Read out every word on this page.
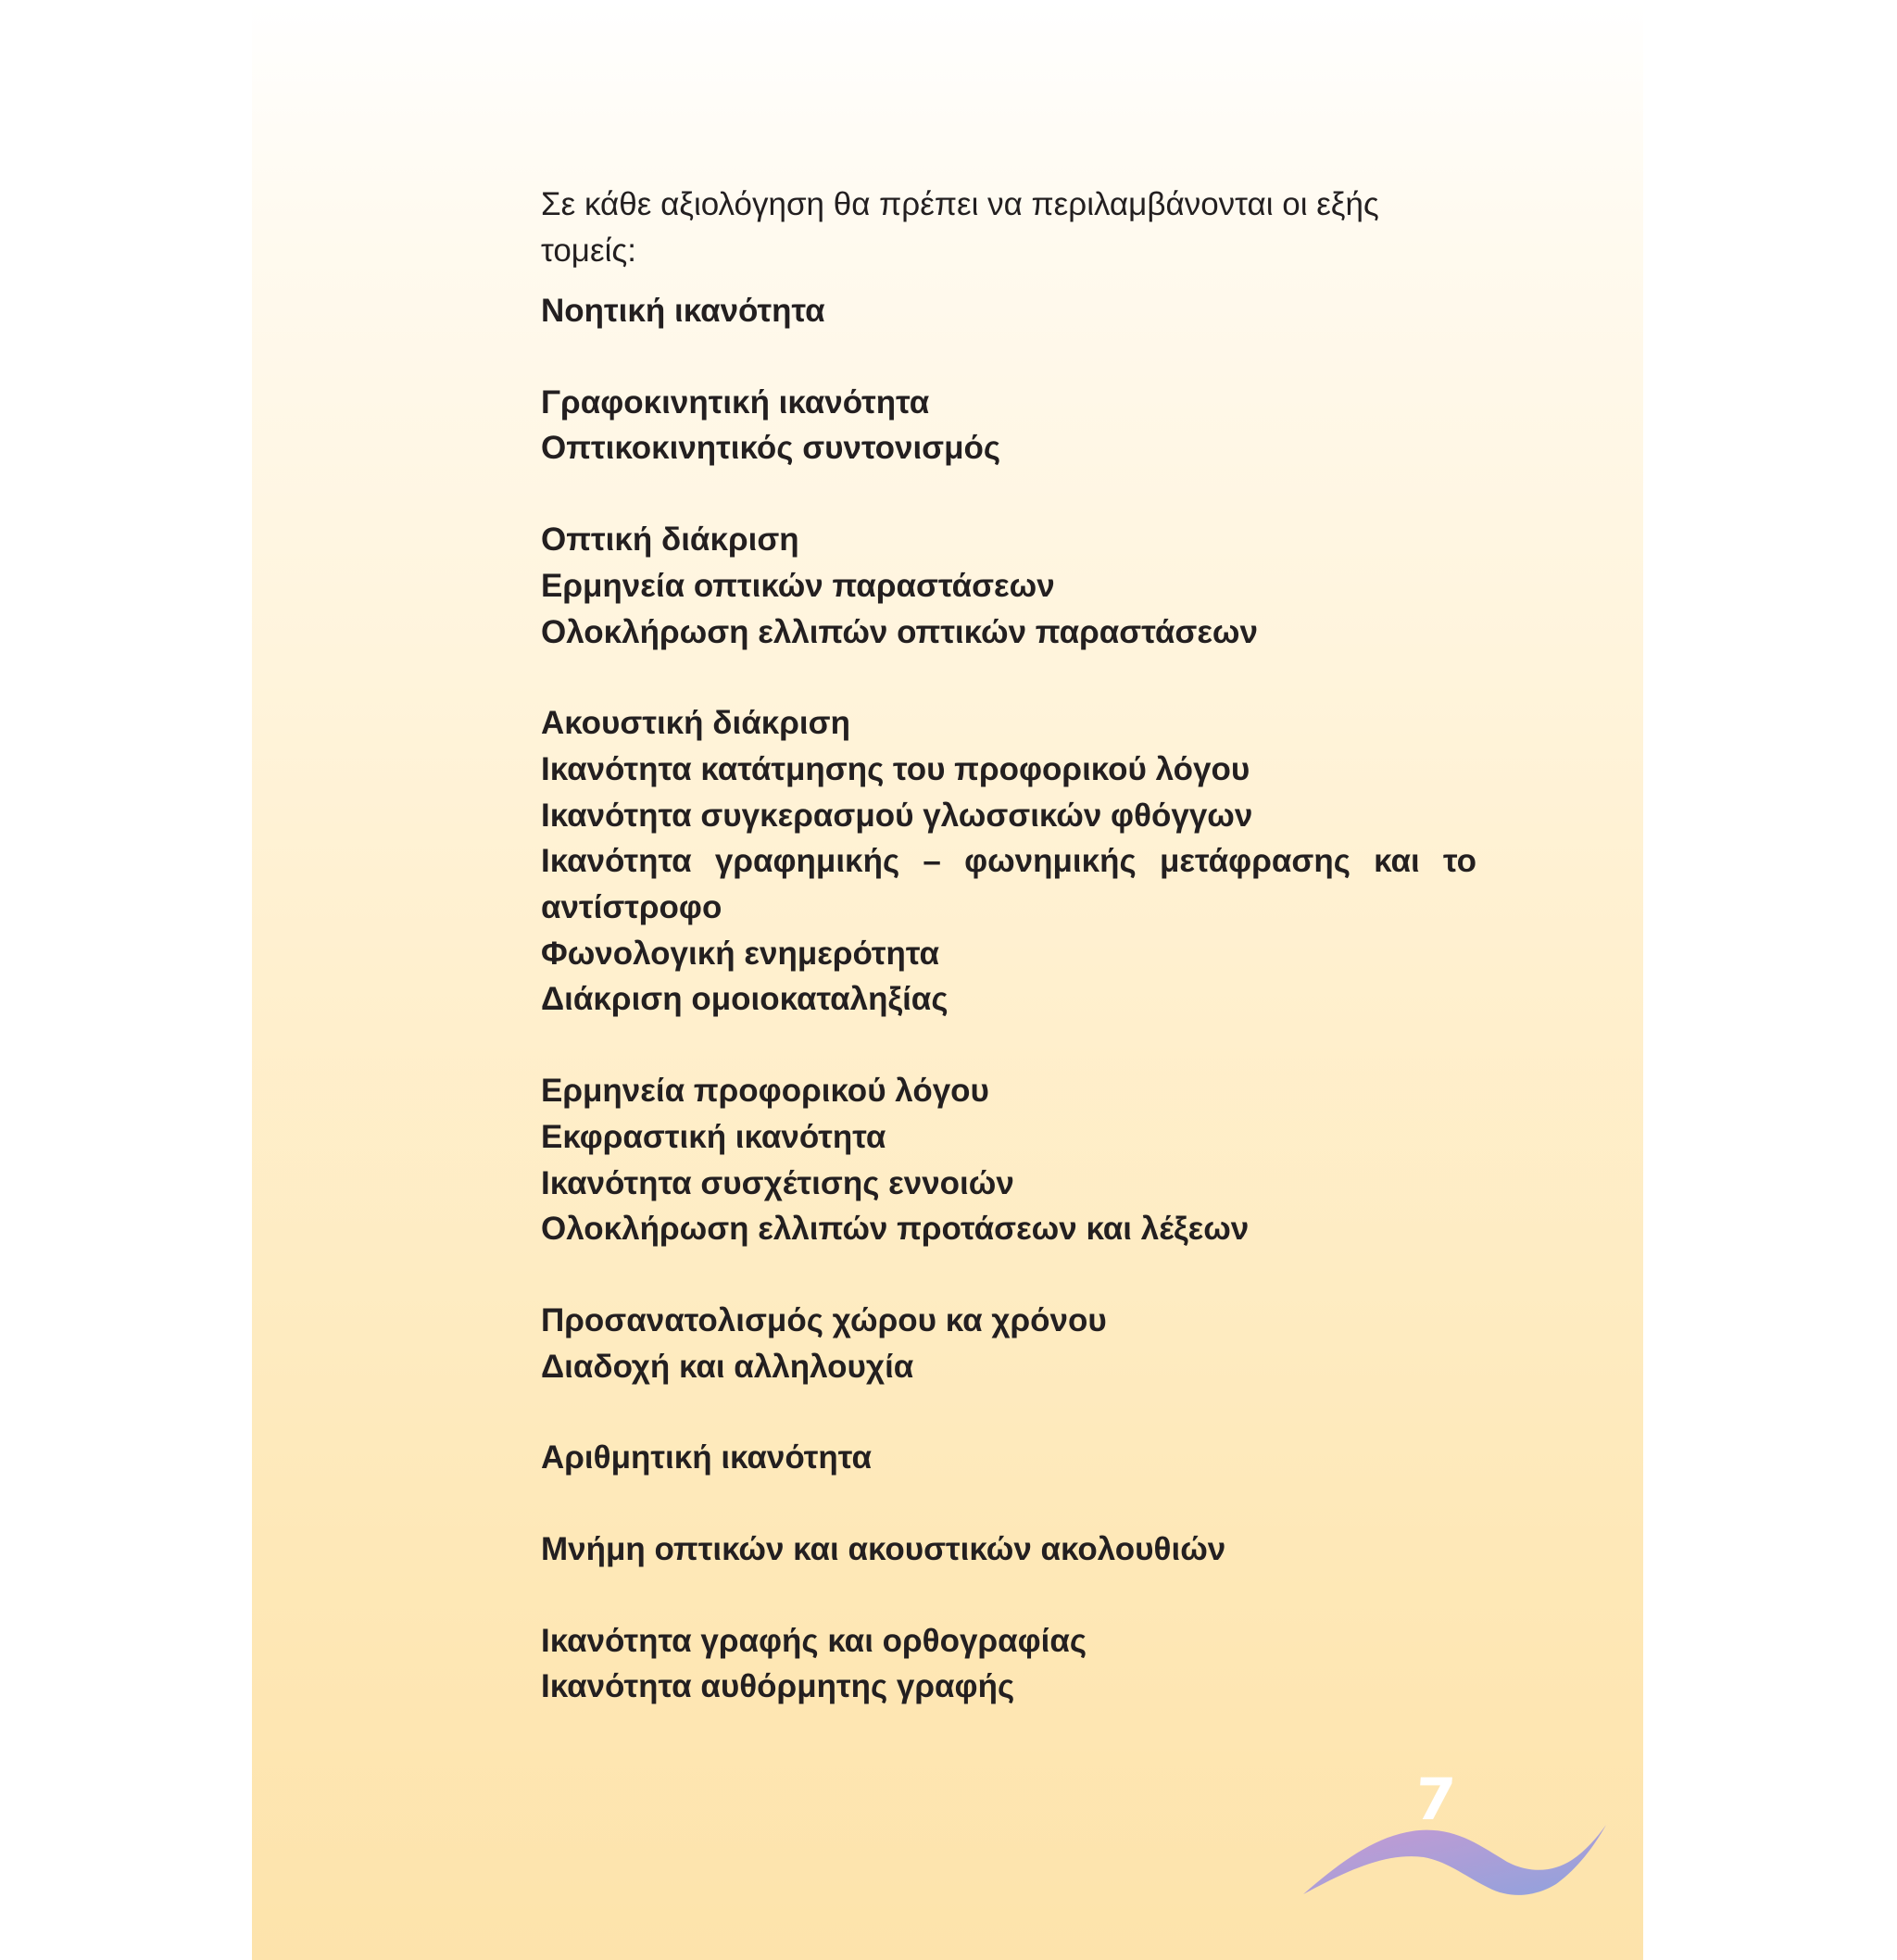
Σε κάθε αξιολόγηση θα πρέπει να περιλαμβάνονται οι εξής τομείς:

Νοητική ικανότητα
Γραφοκινητική ικανότητα
Οπτικοκινητικός συντονισμός
Οπτική διάκριση
Ερμηνεία οπτικών παραστάσεων
Ολοκλήρωση ελλιπών οπτικών παραστάσεων
Ακουστική διάκριση
Ικανότητα κατάτμησης του προφορικού λόγου
Ικανότητα συγκερασμού γλωσσικών φθόγγων
Ικανότητα γραφημικής – φωνημικής μετάφρασης και το αντίστροφο
Φωνολογική ενημερότητα
Διάκριση ομοιοκαταληξίας
Ερμηνεία προφορικού λόγου
Εκφραστική ικανότητα
Ικανότητα συσχέτισης εννοιών
Ολοκλήρωση ελλιπών προτάσεων και λέξεων
Προσανατολισμός χώρου κα χρόνου
Διαδοχή και αλληλουχία
Αριθμητική ικανότητα
Μνήμη οπτικών και ακουστικών ακολουθιών
Ικανότητα γραφής και ορθογραφίας
Ικανότητα αυθόρμητης γραφής
7
